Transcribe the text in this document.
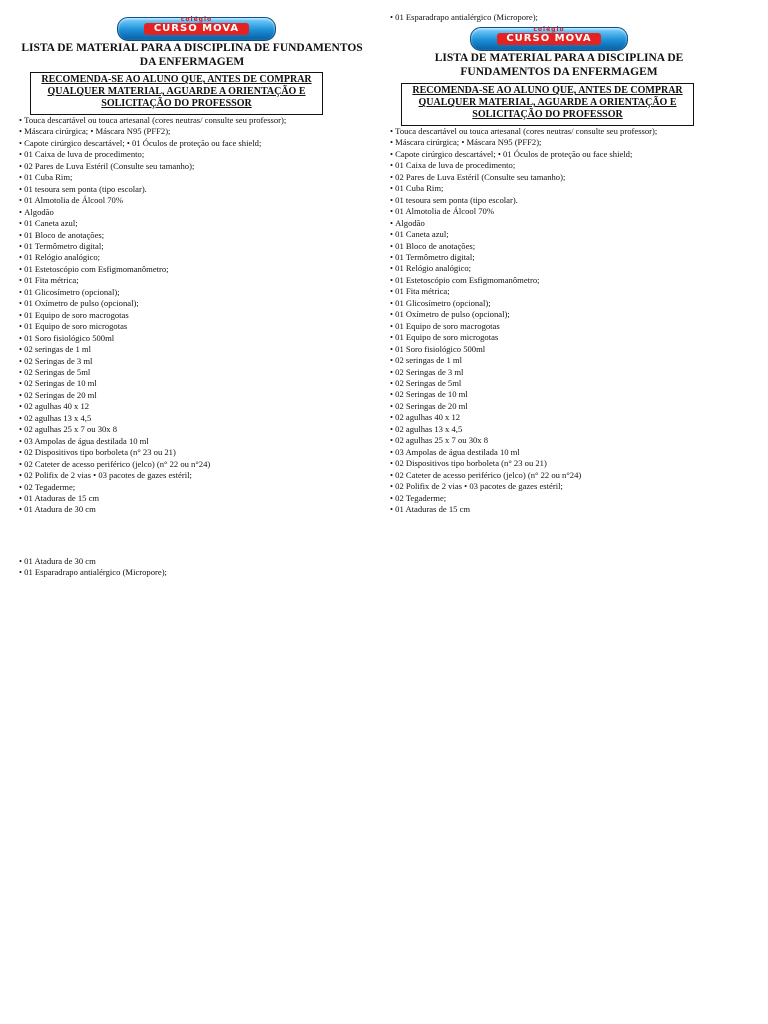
colégio
CURSO MOVA
LISTA DE MATERIAL PARA A DISCIPLINA DE FUNDAMENTOS DA ENFERMAGEM
RECOMENDA-SE AO ALUNO QUE, ANTES DE COMPRAR QUALQUER MATERIAL, AGUARDE A ORIENTAÇÃO E SOLICITAÇÃO DO PROFESSOR
• Touca descartável ou touca artesanal (cores neutras/ consulte seu professor);
• Máscara cirúrgica; • Máscara N95 (PFF2);
• Capote cirúrgico descartável; • 01 Óculos de proteção ou face shield;
• 01 Caixa de luva de procedimento;
• 02 Pares de Luva Estéril (Consulte seu tamanho);
• 01 Cuba Rim;
• 01 tesoura sem ponta (tipo escolar).
• 01 Almotolia de Álcool 70%
• Algodão
• 01 Caneta azul;
• 01 Bloco de anotações;
• 01 Termômetro digital;
• 01 Relógio analógico;
• 01 Estetoscópio com Esfigmomanômetro;
• 01 Fita métrica;
• 01 Glicosímetro (opcional);
• 01 Oxímetro de pulso (opcional);
• 01 Equipo de soro macrogotas
• 01 Equipo de soro microgotas
• 01 Soro fisiológico 500ml
• 02 seringas de 1 ml
• 02 Seringas de 3 ml
• 02 Seringas de 5ml
• 02 Seringas de 10 ml
• 02 Seringas de 20 ml
• 02 agulhas 40 x 12
• 02 agulhas 13 x 4,5
• 02 agulhas 25 x 7 ou 30x 8
• 03 Ampolas de água destilada 10 ml
• 02 Dispositivos tipo borboleta (n° 23 ou 21)
• 02 Cateter de acesso periférico (jelco) (n° 22 ou n°24)
• 02 Polifix de 2 vias • 03 pacotes de gazes estéril;
• 02 Tegaderme;
• 01 Ataduras de 15 cm
• 01 Atadura de 30 cm
• 01 Atadura de 30 cm
• 01 Esparadrapo antialérgico (Micropore);
• 01 Esparadrapo antialérgico (Micropore);
colégio
CURSO MOVA
LISTA DE MATERIAL PARA A DISCIPLINA DE FUNDAMENTOS DA ENFERMAGEM
RECOMENDA-SE AO ALUNO QUE, ANTES DE COMPRAR QUALQUER MATERIAL, AGUARDE A ORIENTAÇÃO E SOLICITAÇÃO DO PROFESSOR
• Touca descartável ou touca artesanal (cores neutras/ consulte seu professor);
• Máscara cirúrgica; • Máscara N95 (PFF2);
• Capote cirúrgico descartável; • 01 Óculos de proteção ou face shield;
• 01 Caixa de luva de procedimento;
• 02 Pares de Luva Estéril (Consulte seu tamanho);
• 01 Cuba Rim;
• 01 tesoura sem ponta (tipo escolar).
• 01 Almotolia de Álcool 70%
• Algodão
• 01 Caneta azul;
• 01 Bloco de anotações;
• 01 Termômetro digital;
• 01 Relógio analógico;
• 01 Estetoscópio com Esfigmomanômetro;
• 01 Fita métrica;
• 01 Glicosímetro (opcional);
• 01 Oxímetro de pulso (opcional);
• 01 Equipo de soro macrogotas
• 01 Equipo de soro microgotas
• 01 Soro fisiológico 500ml
• 02 seringas de 1 ml
• 02 Seringas de 3 ml
• 02 Seringas de 5ml
• 02 Seringas de 10 ml
• 02 Seringas de 20 ml
• 02 agulhas 40 x 12
• 02 agulhas 13 x 4,5
• 02 agulhas 25 x 7 ou 30x 8
• 03 Ampolas de água destilada 10 ml
• 02 Dispositivos tipo borboleta (n° 23 ou 21)
• 02 Cateter de acesso periférico (jelco) (n° 22 ou n°24)
• 02 Polifix de 2 vias • 03 pacotes de gazes estéril;
• 02 Tegaderme;
• 01 Ataduras de 15 cm
